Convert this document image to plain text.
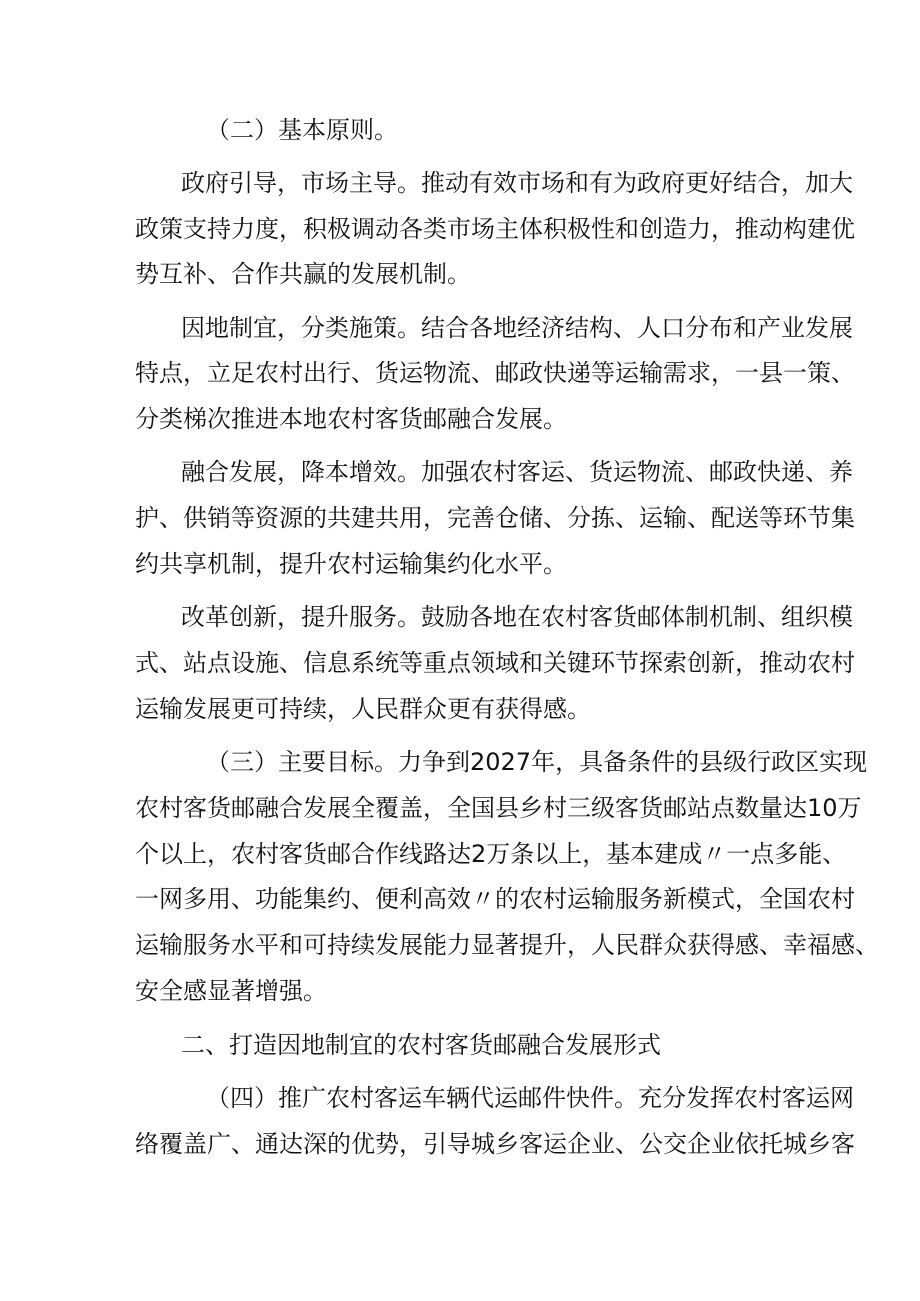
（二）基本原则。
政府引导，市场主导。推动有效市场和有为政府更好结合，加大
政策支持力度，积极调动各类市场主体积极性和创造力，推动构建优
势互补、合作共赢的发展机制。
因地制宜，分类施策。结合各地经济结构、人口分布和产业发展
特点，立足农村出行、货运物流、邮政快递等运输需求，一县一策、
分类梯次推进本地农村客货邮融合发展。
融合发展，降本增效。加强农村客运、货运物流、邮政快递、养
护、供销等资源的共建共用，完善仓储、分拣、运输、配送等环节集
约共享机制，提升农村运输集约化水平。
改革创新，提升服务。鼓励各地在农村客货邮体制机制、组织模
式、站点设施、信息系统等重点领域和关键环节探索创新，推动农村
运输发展更可持续，人民群众更有获得感。
（三）主要目标。力争到2027年，具备条件的县级行政区实现
农村客货邮融合发展全覆盖，全国县乡村三级客货邮站点数量达10万
个以上，农村客货邮合作线路达2万条以上，基本建成〃一点多能、
一网多用、功能集约、便利高效〃的农村运输服务新模式，全国农村
运输服务水平和可持续发展能力显著提升，人民群众获得感、幸福感、
安全感显著增强。
二、打造因地制宜的农村客货邮融合发展形式
（四）推广农村客运车辆代运邮件快件。充分发挥农村客运网
络覆盖广、通达深的优势，引导城乡客运企业、公交企业依托城乡客
